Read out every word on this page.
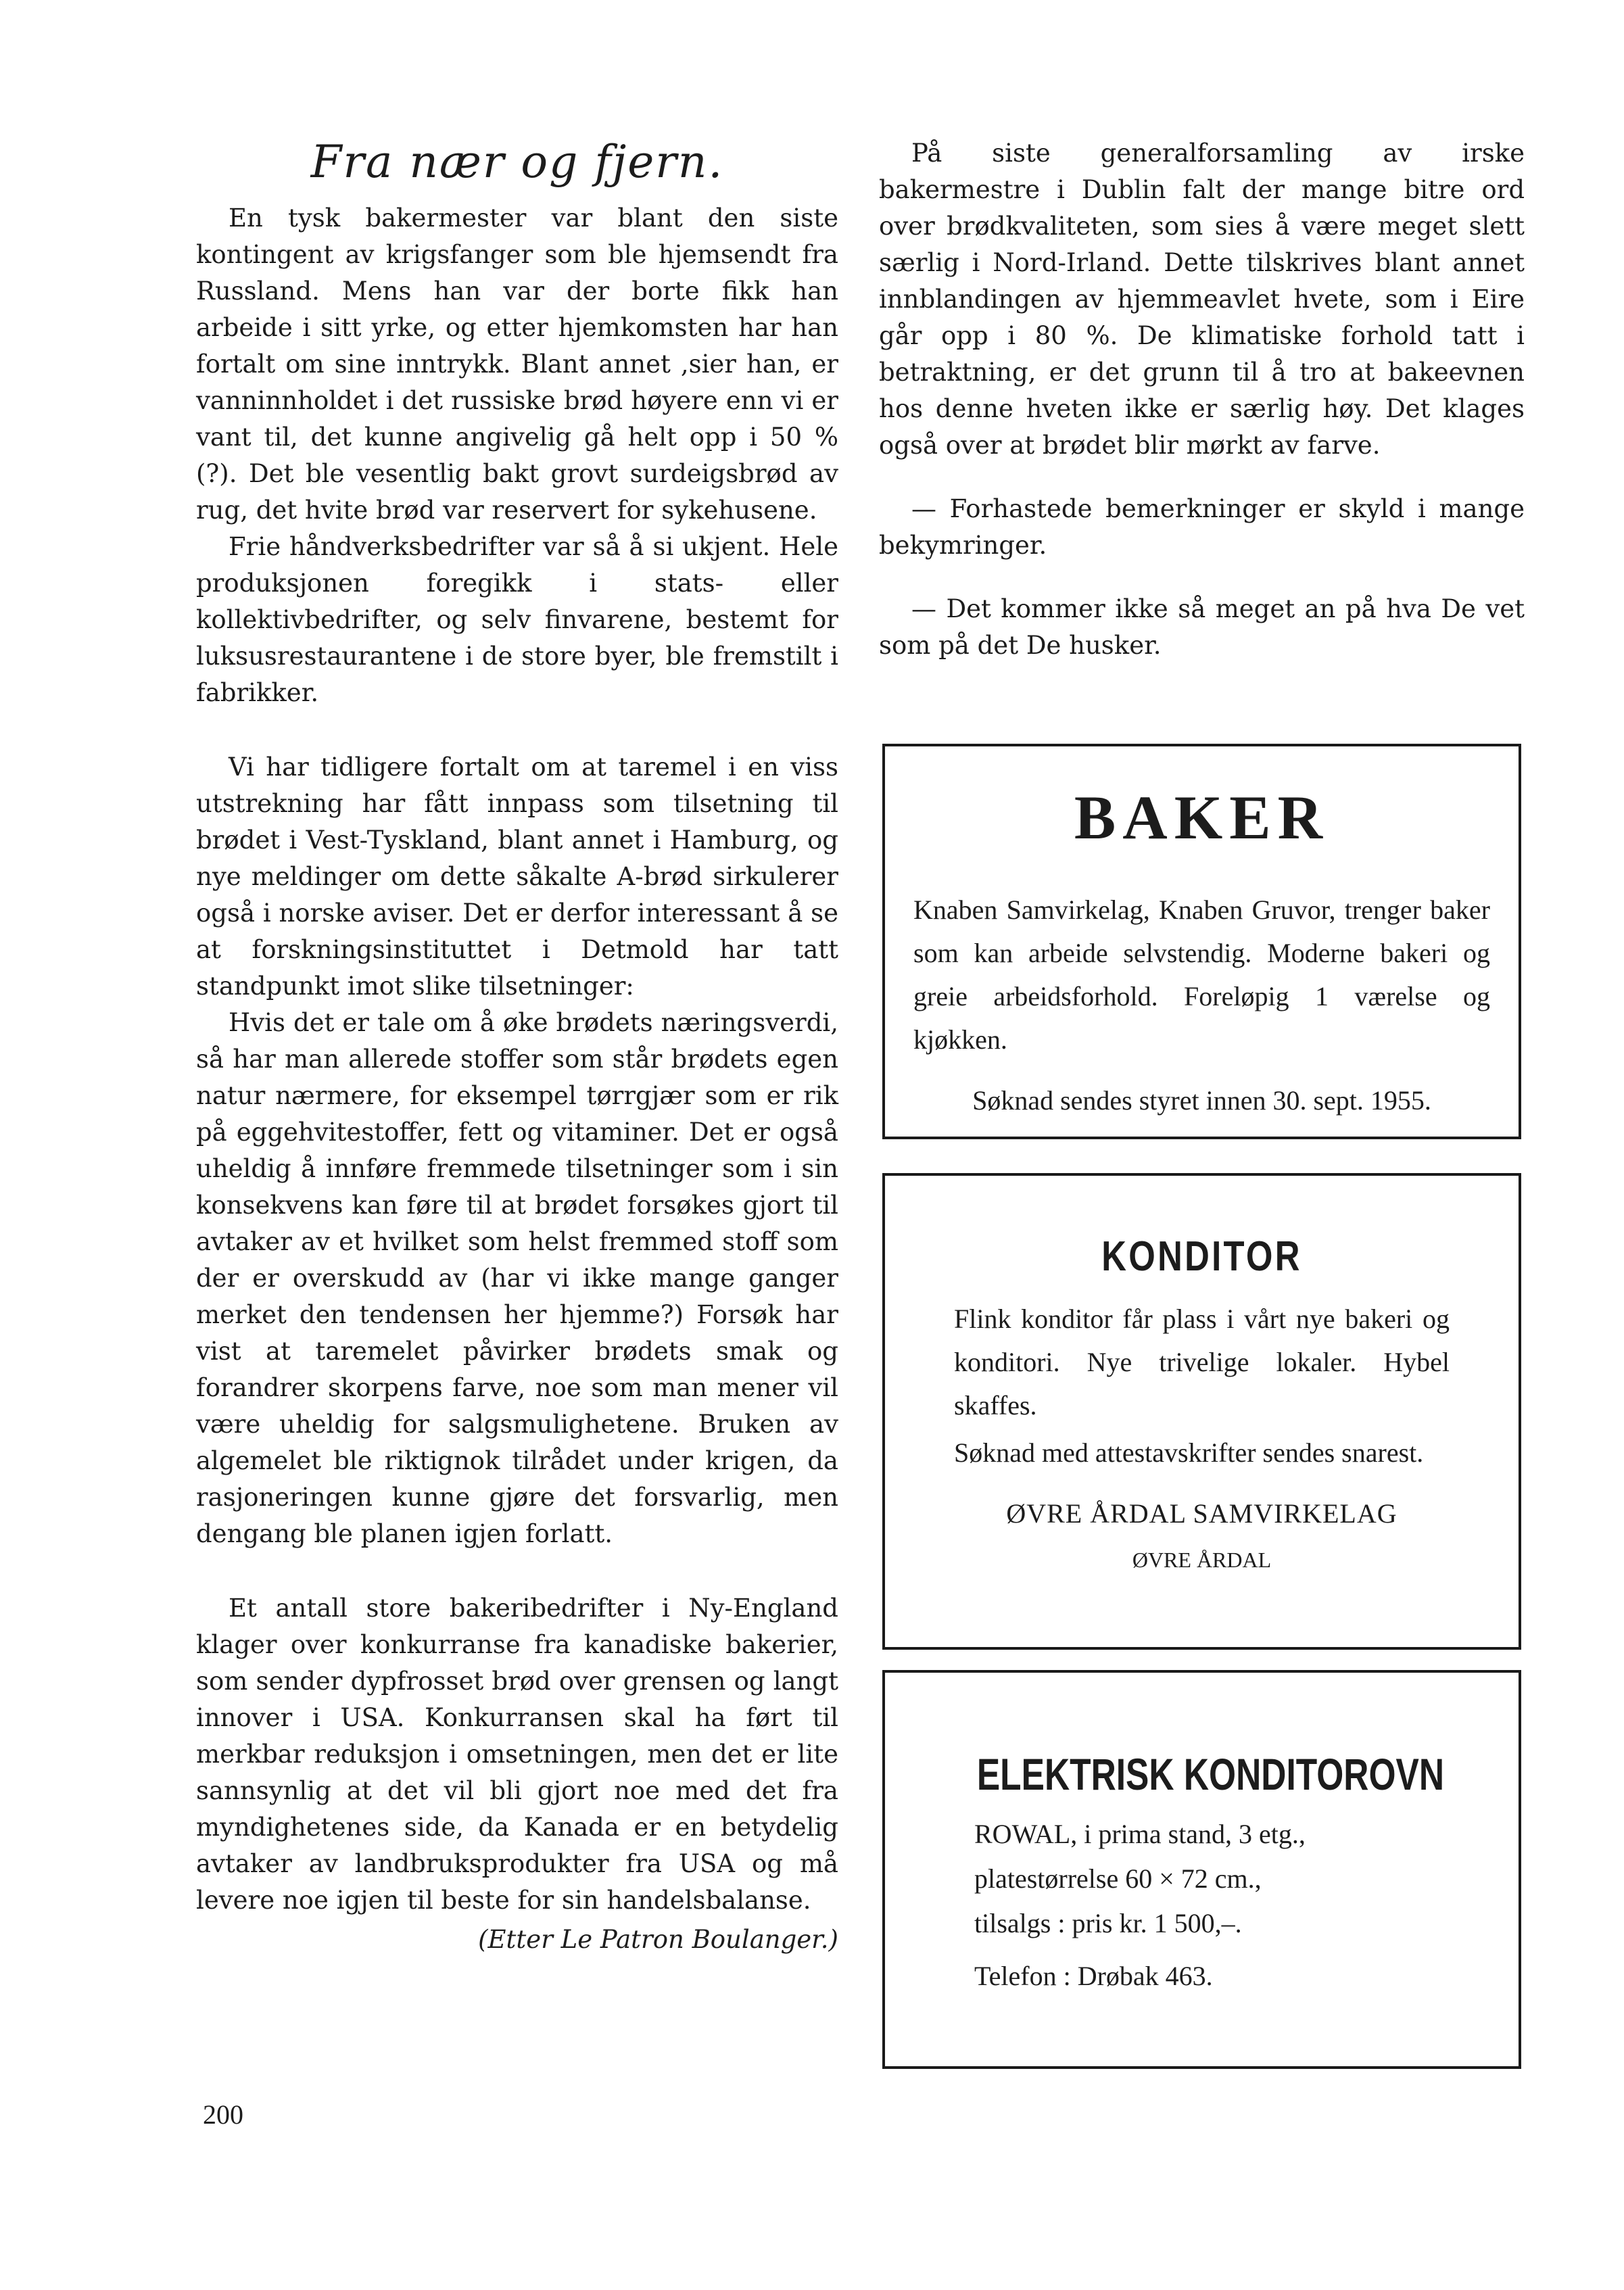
Fra nær og fjern.

En tysk bakermester var blant den siste kontingent av krigsfanger som ble hjemsendt fra Russland. Mens han var der borte fikk han arbeide i sitt yrke, og etter hjemkomsten har han fortalt om sine inntrykk. Blant annet ,sier han, er vanninnholdet i det russiske brød høyere enn vi er vant til, det kunne angivelig gå helt opp i 50 % (?). Det ble vesentlig bakt grovt surdeigsbrød av rug, det hvite brød var reservert for sykehusene.

Frie håndverksbedrifter var så å si ukjent. Hele produksjonen foregikk i stats- eller kollektivbedrifter, og selv finvarene, bestemt for luksusrestaurantene i de store byer, ble fremstilt i fabrikker.

Vi har tidligere fortalt om at taremel i en viss utstrekning har fått innpass som tilsetning til brødet i Vest-Tyskland, blant annet i Hamburg, og nye meldinger om dette såkalte A-brød sirkulerer også i norske aviser. Det er derfor interessant å se at forskningsinstituttet i Detmold har tatt standpunkt imot slike tilsetninger:

Hvis det er tale om å øke brødets næringsverdi, så har man allerede stoffer som står brødets egen natur nærmere, for eksempel tørrgjær som er rik på eggehvitestoffer, fett og vitaminer. Det er også uheldig å innføre fremmede tilsetninger som i sin konsekvens kan føre til at brødet forsøkes gjort til avtaker av et hvilket som helst fremmed stoff som der er overskudd av (har vi ikke mange ganger merket den tendensen her hjemme?) Forsøk har vist at taremelet påvirker brødets smak og forandrer skorpens farve, noe som man mener vil være uheldig for salgsmulighetene. Bruken av algemelet ble riktignok tilrådet under krigen, da rasjoneringen kunne gjøre det forsvarlig, men dengang ble planen igjen forlatt.

Et antall store bakeribedrifter i Ny-England klager over konkurranse fra kanadiske bakerier, som sender dypfrosset brød over grensen og langt innover i USA. Konkurransen skal ha ført til merkbar reduksjon i omsetningen, men det er lite sannsynlig at det vil bli gjort noe med det fra myndighetenes side, da Kanada er en betydelig avtaker av landbruksprodukter fra USA og må levere noe igjen til beste for sin handelsbalanse.

(Etter Le Patron Boulanger.)

På siste generalforsamling av irske bakermestre i Dublin falt der mange bitre ord over brødkvaliteten, som sies å være meget slett særlig i Nord-Irland. Dette tilskrives blant annet innblandingen av hjemmeavlet hvete, som i Eire går opp i 80 %. De klimatiske forhold tatt i betraktning, er det grunn til å tro at bakeevnen hos denne hveten ikke er særlig høy. Det klages også over at brødet blir mørkt av farve.

— Forhastede bemerkninger er skyld i mange bekymringer.

— Det kommer ikke så meget an på hva De vet som på det De husker.

BAKER

Knaben Samvirkelag, Knaben Gruvor, trenger baker som kan arbeide selvstendig. Moderne bakeri og greie arbeidsforhold. Foreløpig 1 værelse og kjøkken.

Søknad sendes styret innen 30. sept. 1955.

KONDITOR

Flink konditor får plass i vårt nye bakeri og konditori. Nye trivelige lokaler. Hybel skaffes.

Søknad med attestavskrifter sendes snarest.

ØVRE ÅRDAL SAMVIRKELAG

ØVRE ÅRDAL

ELEKTRISK KONDITOROVN

ROWAL, i prima stand, 3 etg.,

platestørrelse 60 × 72 cm.,

tilsalgs : pris kr. 1 500,–.

Telefon : Drøbak 463.

200
